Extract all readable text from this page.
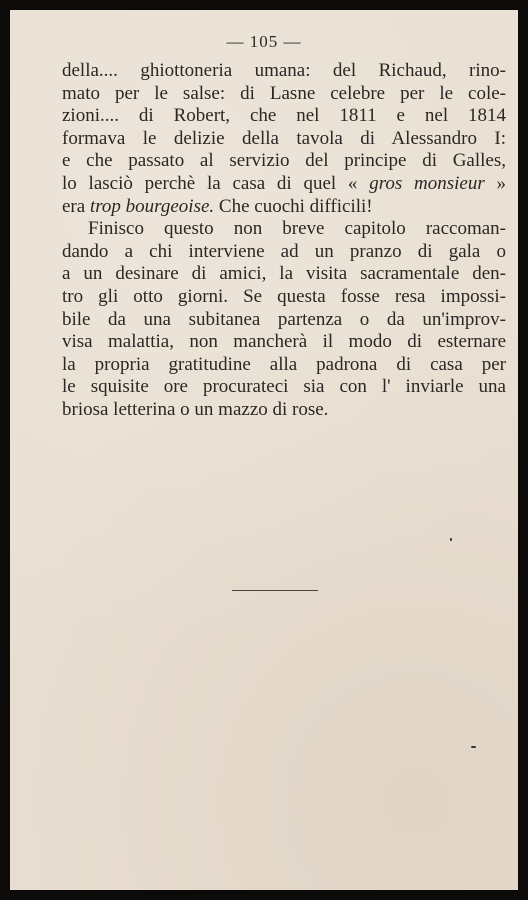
— 105 —
della.... ghiottoneria umana: del Richaud, rino-
mato per le salse: di Lasne celebre per le cole-
zioni.... di Robert, che nel 1811 e nel 1814
formava le delizie della tavola di Alessandro I:
e che passato al servizio del principe di Galles,
lo lasciò perchè la casa di quel « gros monsieur »
era trop bourgeoise. Che cuochi difficili!
Finisco questo non breve capitolo raccoman-
dando a chi interviene ad un pranzo di gala o
a un desinare di amici, la visita sacramentale den-
tro gli otto giorni. Se questa fosse resa impossi-
bile da una subitanea partenza o da un'improv-
visa malattia, non mancherà il modo di esternare
la propria gratitudine alla padrona di casa per
le squisite ore procurateci sia con l' inviarle una
briosa letterina o un mazzo di rose.
